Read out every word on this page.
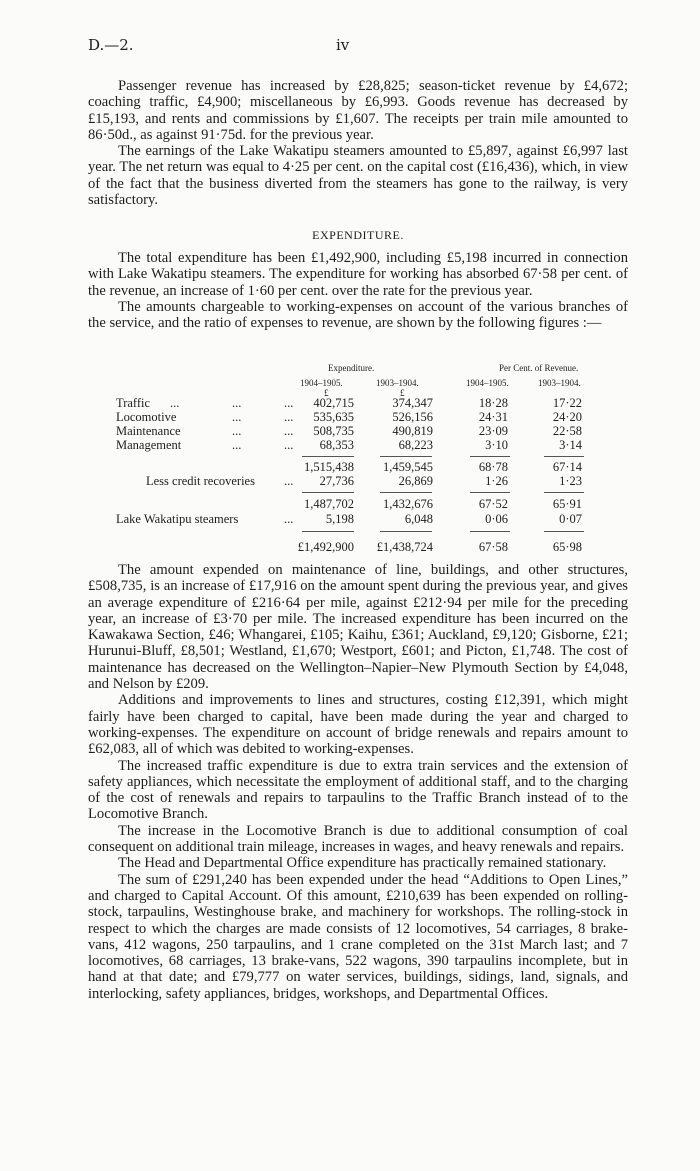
D.—2.	iv

Passenger revenue has increased by £28,825; season-ticket revenue by £4,672; coaching traffic, £4,900; miscellaneous by £6,993. Goods revenue has decreased by £15,193, and rents and commissions by £1,607. The receipts per train mile amounted to 86·50d., as against 91·75d. for the previous year.

The earnings of the Lake Wakatipu steamers amounted to £5,897, against £6,997 last year. The net return was equal to 4·25 per cent. on the capital cost (£16,436), which, in view of the fact that the business diverted from the steamers has gone to the railway, is very satisfactory.

EXPENDITURE.

The total expenditure has been £1,492,900, including £5,198 incurred in connection with Lake Wakatipu steamers. The expenditure for working has absorbed 67·58 per cent. of the revenue, an increase of 1·60 per cent. over the rate for the previous year.

The amounts chargeable to working-expenses on account of the various branches of the service, and the ratio of expenses to revenue, are shown by the following figures :—

Expenditure.	Per Cent. of Revenue.
1904–1905.	1903–1904.	1904–1905.	1903–1904.
£	£
Traffic ...	...	... 402,715	374,347	18·28	17·22
Locomotive	...	... 535,635	526,156	24·31	24·20
Maintenance	...	... 508,735	490,819	23·09	22·58
Management	...	... 68,353	68,223	3·10	3·14
1,515,438 1,459,545	68·78	67·14
Less credit recoveries ... 27,736	26,869	1·26	1·23
1,487,702 1,432,676	67·52	65·91
Lake Wakatipu steamers	...	5,198	6,048	0·06	0·07
£1,492,900 £1,438,724	67·58	65·98

The amount expended on maintenance of line, buildings, and other structures, £508,735, is an increase of £17,916 on the amount spent during the previous year, and gives an average expenditure of £216·64 per mile, against £212·94 per mile for the preceding year, an increase of £3·70 per mile. The increased expenditure has been incurred on the Kawakawa Section, £46; Whangarei, £105; Kaihu, £361; Auckland, £9,120; Gisborne, £21; Hurunui-Bluff, £8,501; Westland, £1,670; Westport, £601; and Picton, £1,748. The cost of maintenance has decreased on the Wellington–Napier–New Plymouth Section by £4,048, and Nelson by £209.

Additions and improvements to lines and structures, costing £12,391, which might fairly have been charged to capital, have been made during the year and charged to working-expenses. The expenditure on account of bridge renewals and repairs amount to £62,083, all of which was debited to working-expenses.

The increased traffic expenditure is due to extra train services and the extension of safety appliances, which necessitate the employment of additional staff, and to the charging of the cost of renewals and repairs to tarpaulins to the Traffic Branch instead of to the Locomotive Branch.

The increase in the Locomotive Branch is due to additional consumption of coal consequent on additional train mileage, increases in wages, and heavy renewals and repairs.

The Head and Departmental Office expenditure has practically remained stationary.

The sum of £291,240 has been expended under the head “Additions to Open Lines,” and charged to Capital Account. Of this amount, £210,639 has been expended on rolling-stock, tarpaulins, Westinghouse brake, and machinery for workshops. The rolling-stock in respect to which the charges are made consists of 12 locomotives, 54 carriages, 8 brake-vans, 412 wagons, 250 tarpaulins, and 1 crane completed on the 31st March last; and 7 locomotives, 68 carriages, 13 brake-vans, 522 wagons, 390 tarpaulins incomplete, but in hand at that date; and £79,777 on water services, buildings, sidings, land, signals, and interlocking, safety appliances, bridges, workshops, and Departmental Offices.
